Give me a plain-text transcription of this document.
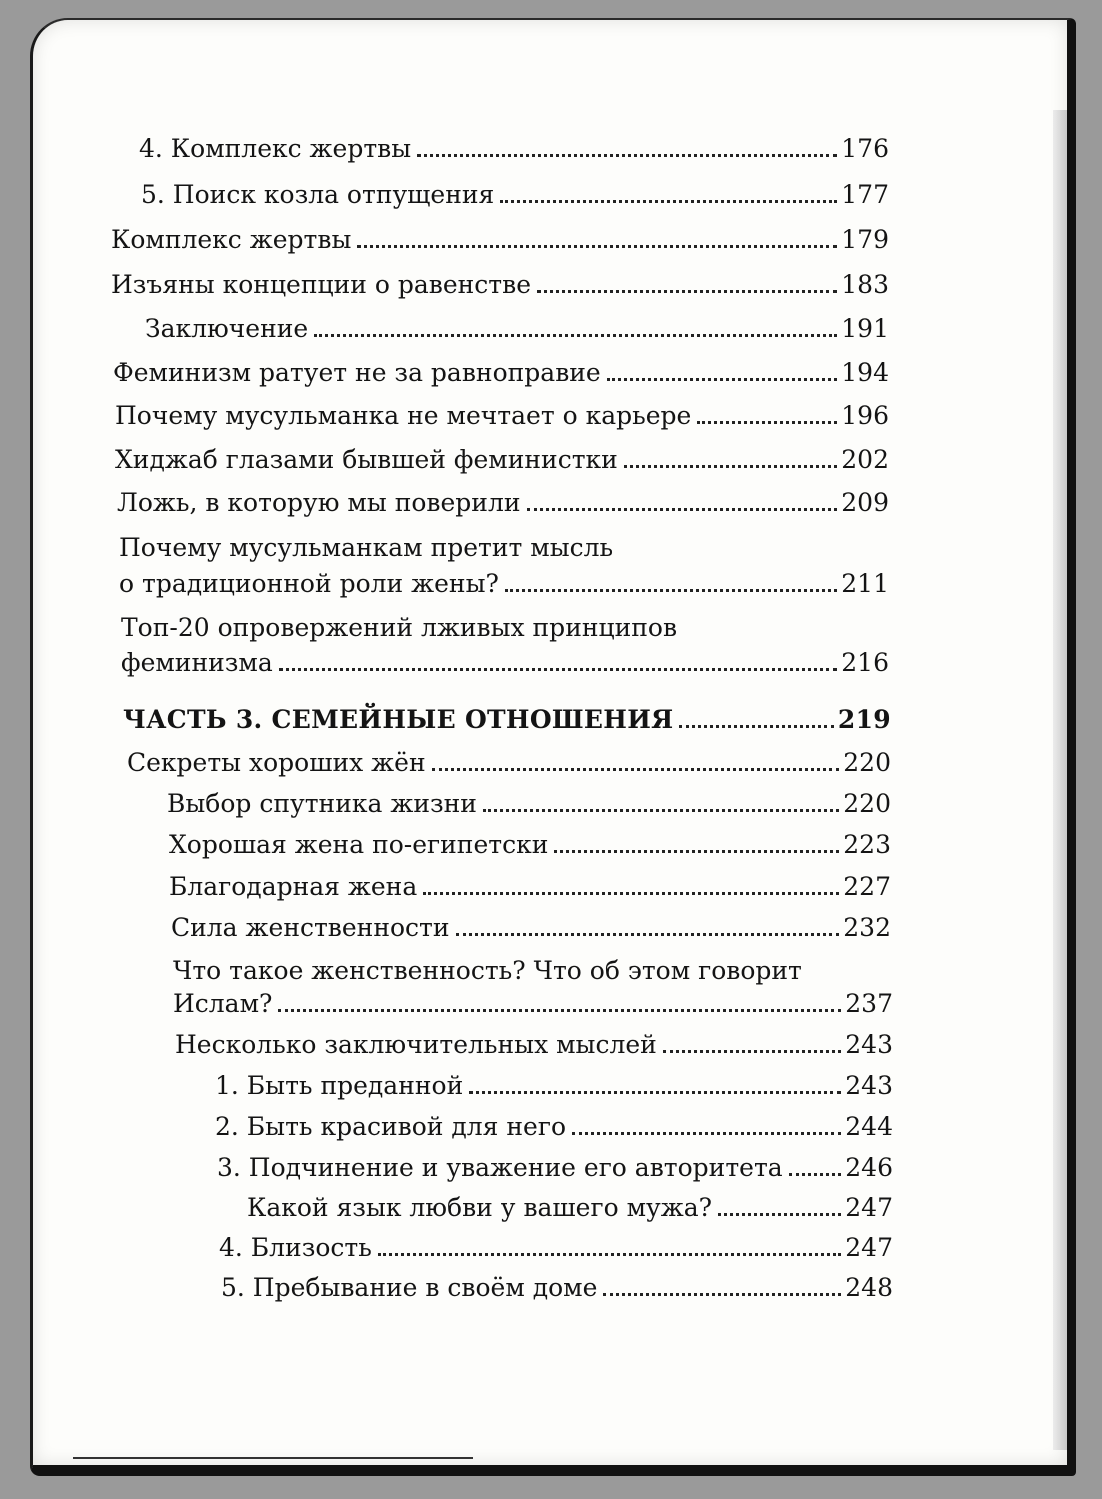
4. Комплекс жертвы	176
5. Поиск козла отпущения	177
Комплекс жертвы	179
Изъяны концепции о равенстве	183
Заключение	191
Феминизм ратует не за равноправие	194
Почему мусульманка не мечтает о карьере	196
Хиджаб глазами бывшей феминистки	202
Ложь, в которую мы поверили	209
Почему мусульманкам претит мысль
о традиционной роли жены?	211
Топ-20 опровержений лживых принципов
феминизма	216
ЧАСТЬ 3. СЕМЕЙНЫЕ ОТНОШЕНИЯ	219
Секреты хороших жён	220
Выбор спутника жизни	220
Хорошая жена по-египетски	223
Благодарная жена	227
Сила женственности	232
Что такое женственность? Что об этом говорит
Ислам?	237
Несколько заключительных мыслей	243
1. Быть преданной	243
2. Быть красивой для него	244
3. Подчинение и уважение его авторитета	246
Какой язык любви у вашего мужа?	247
4. Близость	247
5. Пребывание в своём доме	248
